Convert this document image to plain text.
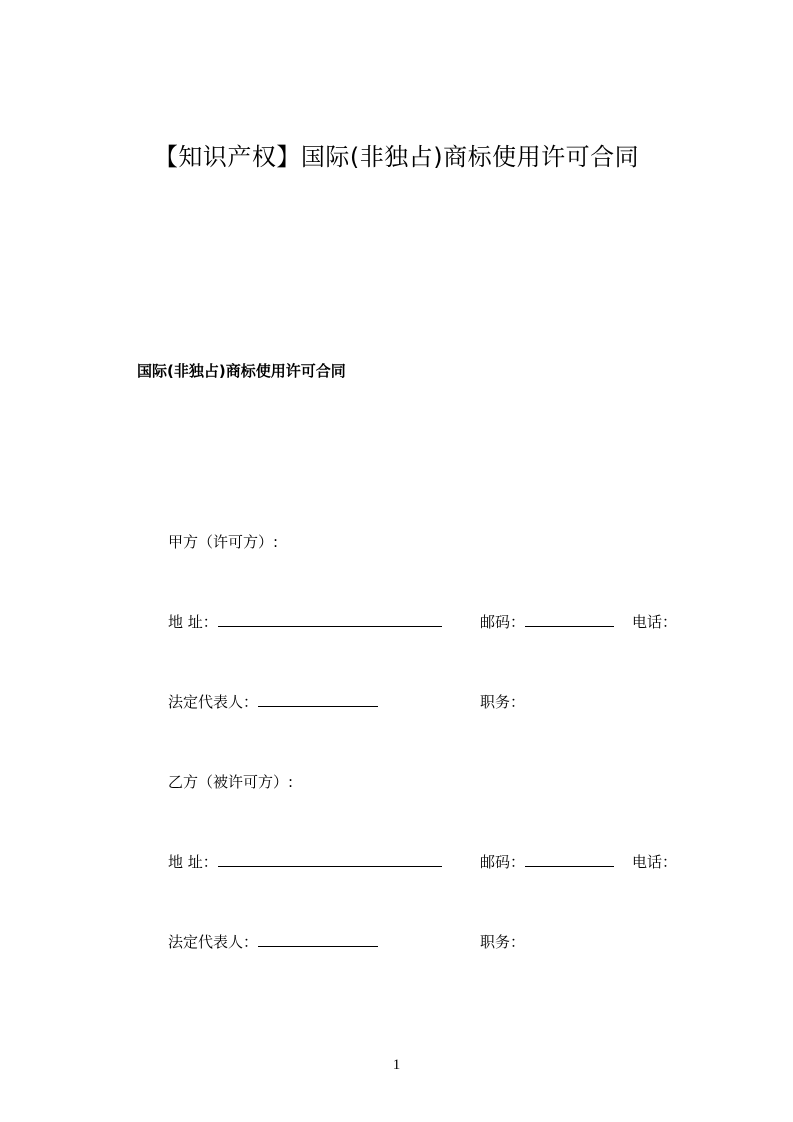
【知识产权】国际(非独占)商标使用许可合同
国际(非独占)商标使用许可合同
甲方（许可方）:
地 址：	邮码：	电话：
法定代表人：	职务：
乙方（被许可方）:
地 址：	邮码：	电话：
法定代表人：	职务：
1
